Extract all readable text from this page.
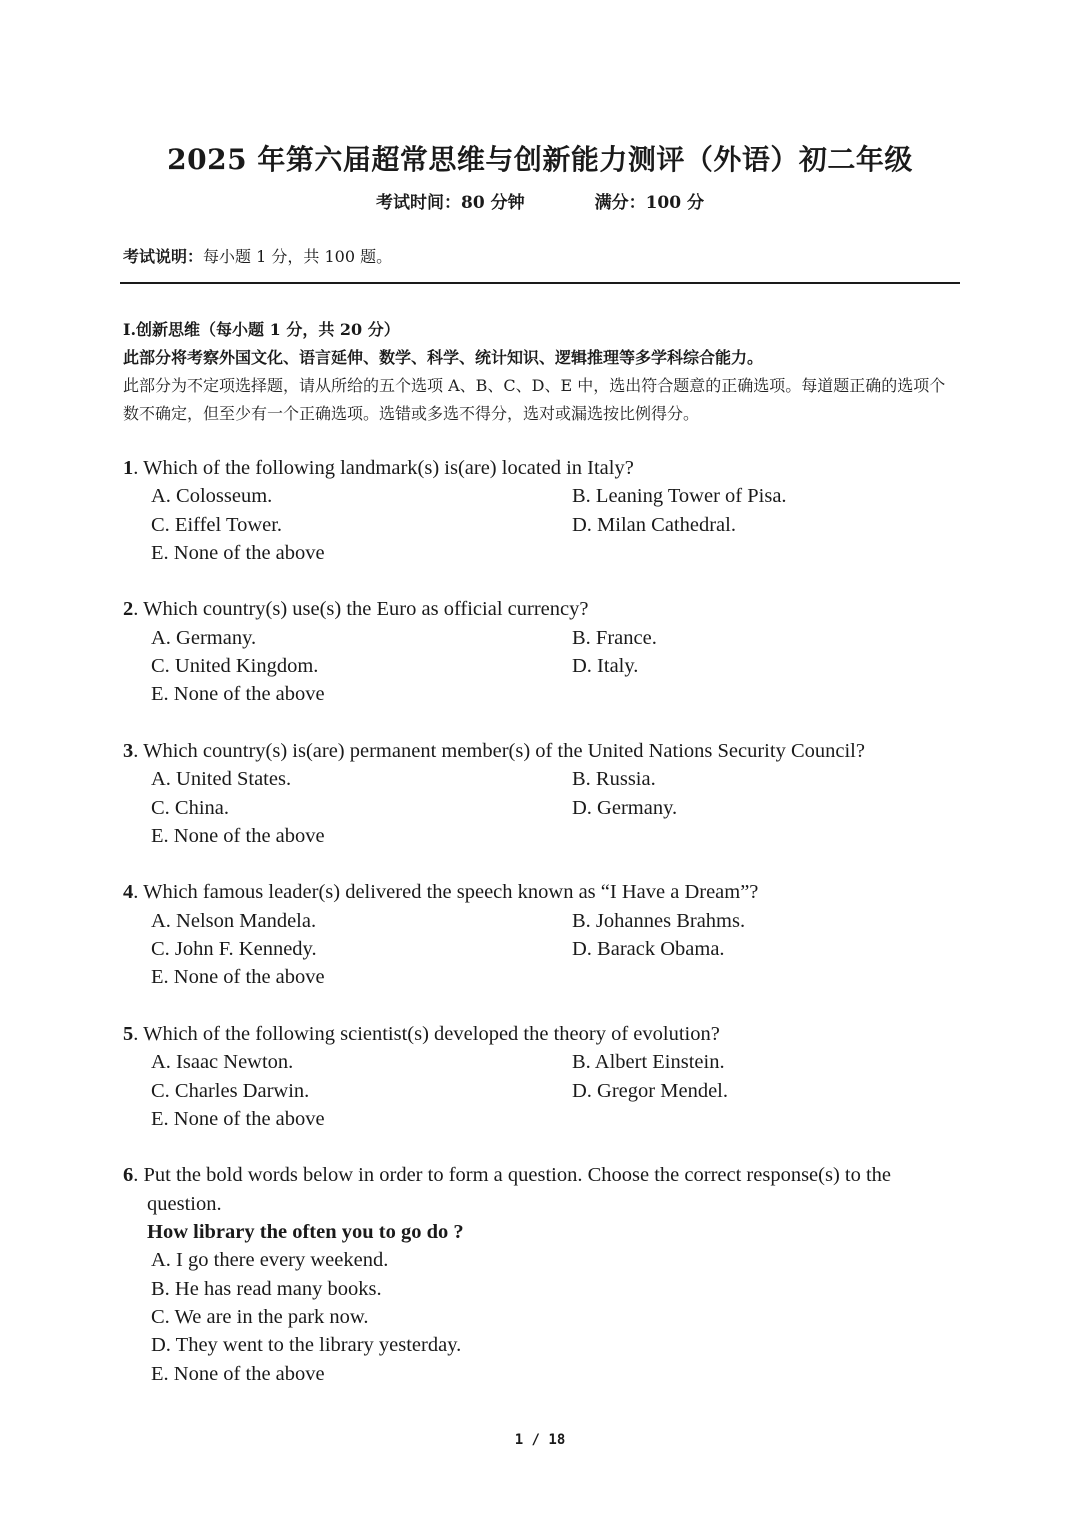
2025 年第六届超常思维与创新能力测评（外语）初二年级
考试时间：80 分钟	满分：100 分
考试说明：每小题 1 分，共 100 题。
I.创新思维（每小题 1 分，共 20 分）
此部分将考察外国文化、语言延伸、数学、科学、统计知识、逻辑推理等多学科综合能力。
此部分为不定项选择题，请从所给的五个选项 A、B、C、D、E 中，选出符合题意的正确选项。每道题正确的选项个数不确定，但至少有一个正确选项。选错或多选不得分，选对或漏选按比例得分。
1 . Which of the following landmark(s) is(are) located in Italy?
A. Colosseum.	B. Leaning Tower of Pisa.
C. Eiffel Tower.	D. Milan Cathedral.
E. None of the above
2 . Which country(s) use(s) the Euro as official currency?
A. Germany.	B. France.
C. United Kingdom.	D. Italy.
E. None of the above
3 . Which country(s) is(are) permanent member(s) of the United Nations Security Council?
A. United States.	B. Russia.
C. China.	D. Germany.
E. None of the above
4 . Which famous leader(s) delivered the speech known as “I Have a Dream”?
A. Nelson Mandela.	B. Johannes Brahms.
C. John F. Kennedy.	D. Barack Obama.
E. None of the above
5 . Which of the following scientist(s) developed the theory of evolution?
A. Isaac Newton.	B. Albert Einstein.
C. Charles Darwin.	D. Gregor Mendel.
E. None of the above
6 . Put the bold words below in order to form a question. Choose the correct response(s) to the
question.
How library the often you to go do ?
A. I go there every weekend.
B. He has read many books.
C. We are in the park now.
D. They went to the library yesterday.
E. None of the above
1 / 18
